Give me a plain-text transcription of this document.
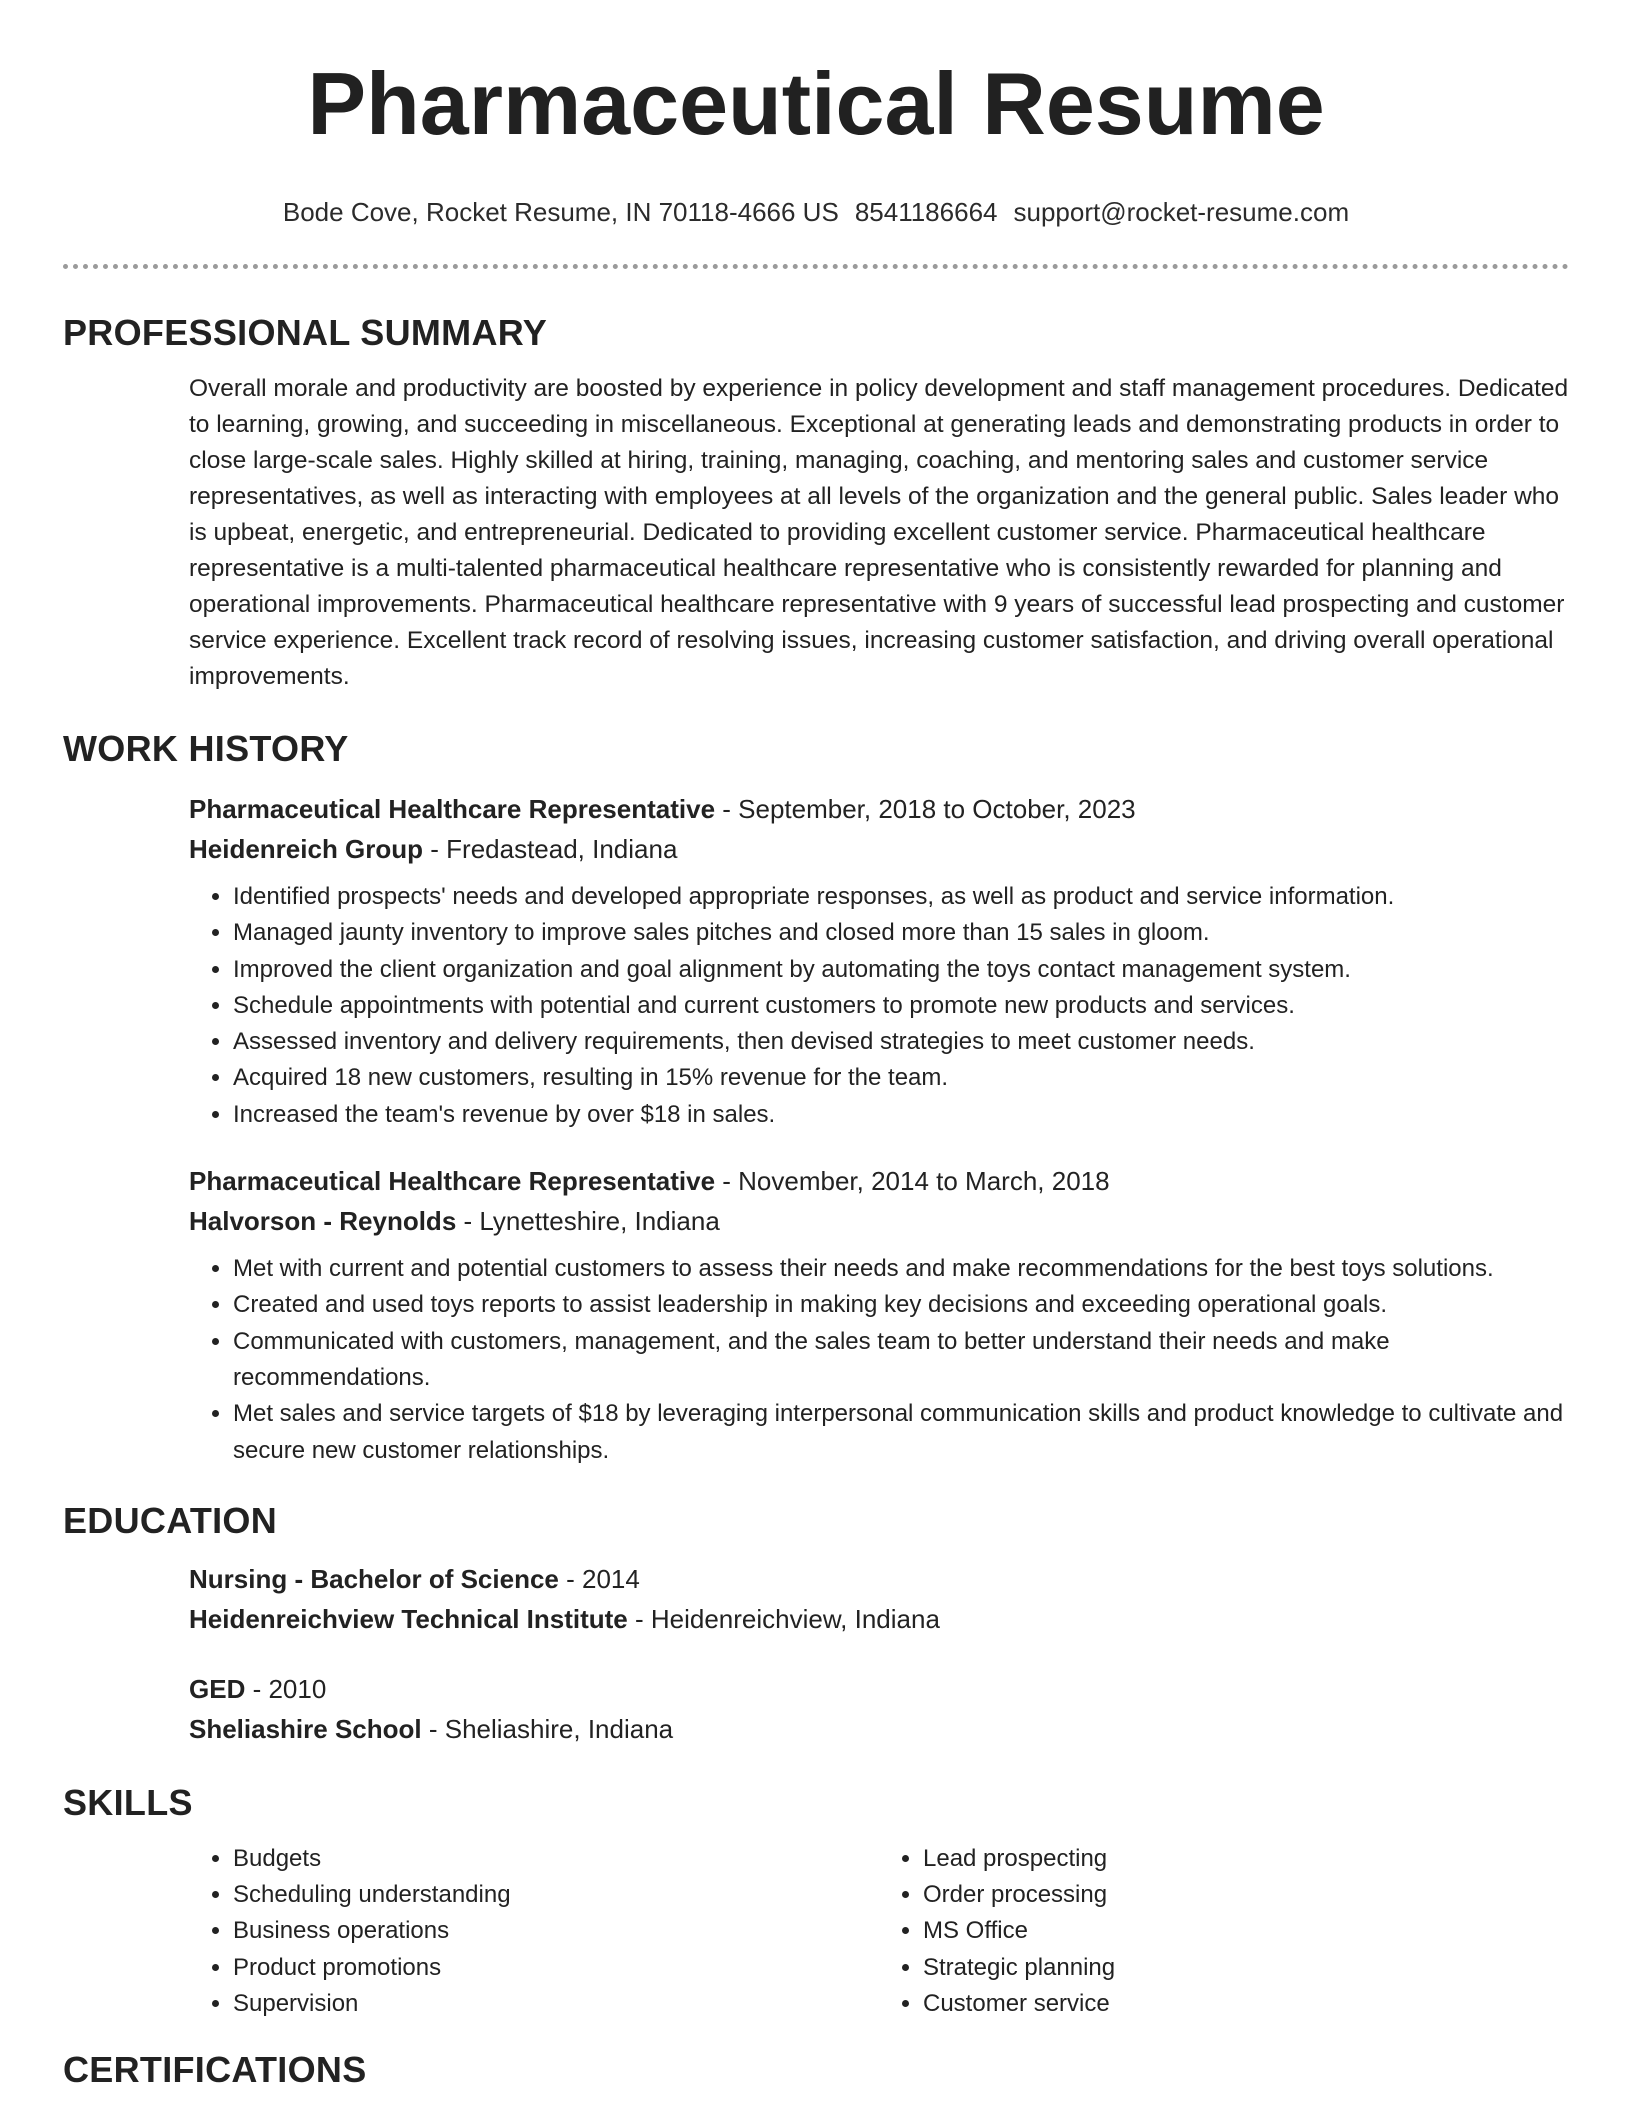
Pharmaceutical Resume
Bode Cove, Rocket Resume, IN 70118-4666 US 8541186664 support@rocket-resume.com
PROFESSIONAL SUMMARY

Overall morale and productivity are boosted by experience in policy development and staff management procedures. Dedicated to learning, growing, and succeeding in miscellaneous. Exceptional at generating leads and demonstrating products in order to close large-scale sales. Highly skilled at hiring, training, managing, coaching, and mentoring sales and customer service representatives, as well as interacting with employees at all levels of the organization and the general public. Sales leader who is upbeat, energetic, and entrepreneurial. Dedicated to providing excellent customer service. Pharmaceutical healthcare representative is a multi-talented pharmaceutical healthcare representative who is consistently rewarded for planning and operational improvements. Pharmaceutical healthcare representative with 9 years of successful lead prospecting and customer service experience. Excellent track record of resolving issues, increasing customer satisfaction, and driving overall operational improvements.

WORK HISTORY
Pharmaceutical Healthcare Representative - September, 2018 to October, 2023
Heidenreich Group - Fredastead, Indiana
• Identified prospects' needs and developed appropriate responses, as well as product and service information.
• Managed jaunty inventory to improve sales pitches and closed more than 15 sales in gloom.
• Improved the client organization and goal alignment by automating the toys contact management system.
• Schedule appointments with potential and current customers to promote new products and services.
• Assessed inventory and delivery requirements, then devised strategies to meet customer needs.
• Acquired 18 new customers, resulting in 15% revenue for the team.
• Increased the team's revenue by over $18 in sales.
Pharmaceutical Healthcare Representative - November, 2014 to March, 2018
Halvorson - Reynolds - Lynetteshire, Indiana
• Met with current and potential customers to assess their needs and make recommendations for the best toys solutions.
• Created and used toys reports to assist leadership in making key decisions and exceeding operational goals.
• Communicated with customers, management, and the sales team to better understand their needs and make recommendations.
• Met sales and service targets of $18 by leveraging interpersonal communication skills and product knowledge to cultivate and secure new customer relationships.
EDUCATION
Nursing - Bachelor of Science - 2014
Heidenreichview Technical Institute - Heidenreichview, Indiana
GED - 2010
Sheliashire School - Sheliashire, Indiana
SKILLS
• Budgets
• Scheduling understanding
• Business operations
• Product promotions
• Supervision
• Lead prospecting
• Order processing
• MS Office
• Strategic planning
• Customer service
CERTIFICATIONS
